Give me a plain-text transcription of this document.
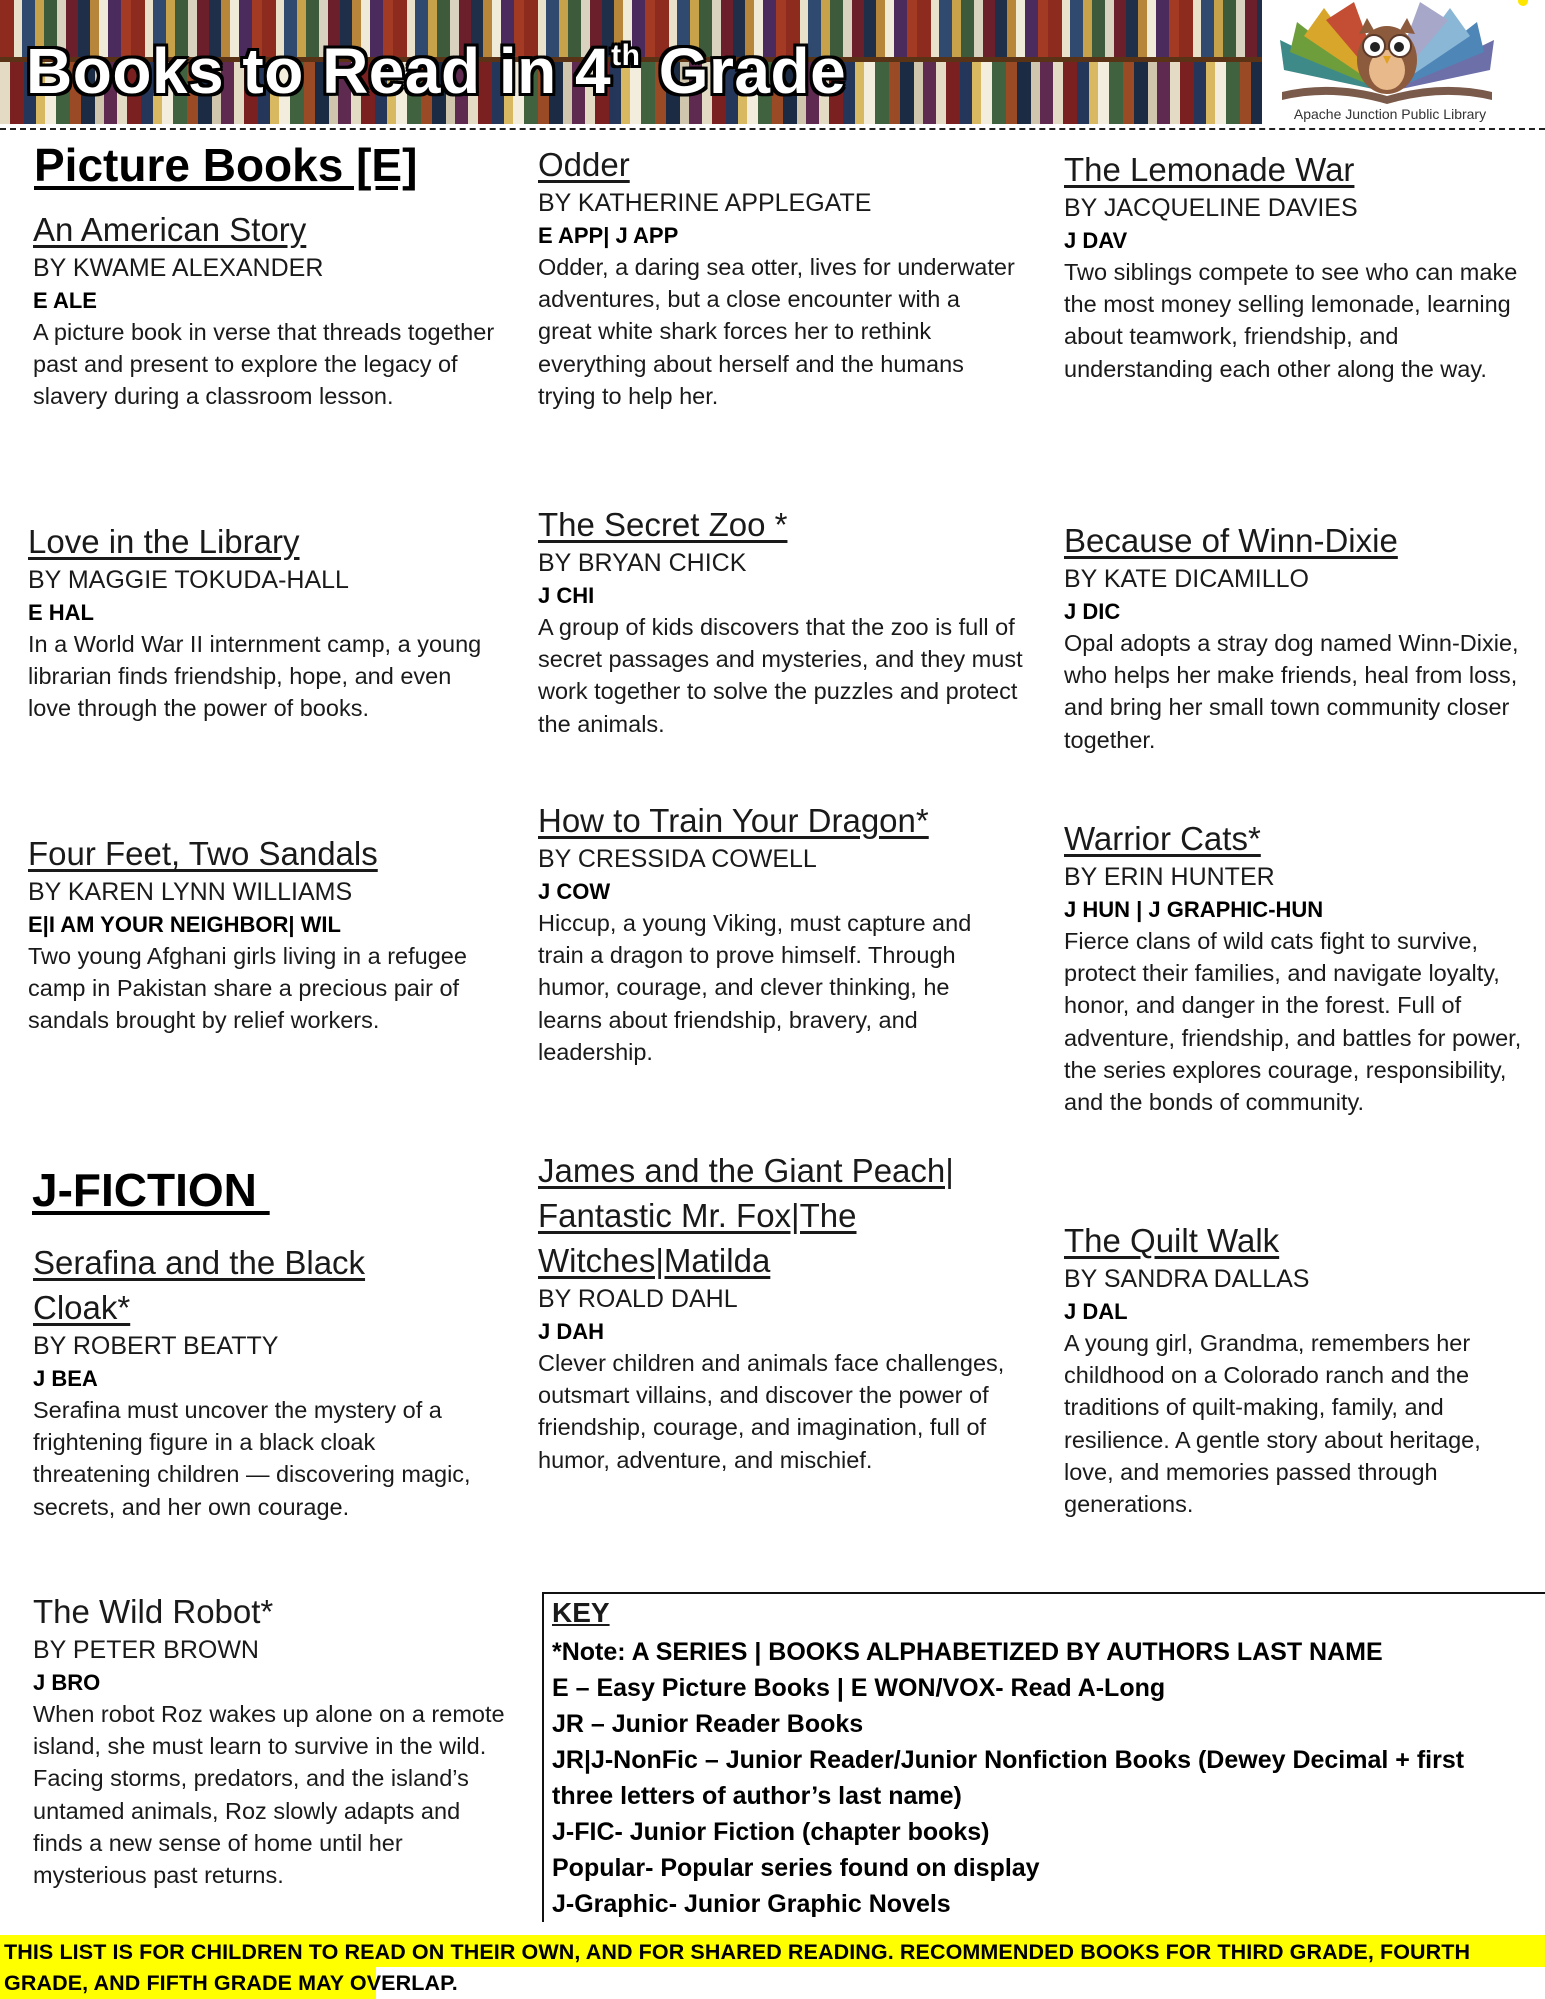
Books to Read in 4th Grade
Apache Junction Public Library
Picture Books [E]
J-FICTION
An American Story
BY KWAME ALEXANDER
E ALE
A picture book in verse that threads together past and present to explore the legacy of slavery during a classroom lesson.
Love in the Library
BY MAGGIE TOKUDA-HALL
E HAL
In a World War II internment camp, a young librarian finds friendship, hope, and even love through the power of books.
Four Feet, Two Sandals
BY KAREN LYNN WILLIAMS
E|I AM YOUR NEIGHBOR| WIL
Two young Afghani girls living in a refugee camp in Pakistan share a precious pair of sandals brought by relief workers.
Serafina and the Black Cloak*
BY ROBERT BEATTY
J BEA
Serafina must uncover the mystery of a frightening figure in a black cloak threatening children — discovering magic, secrets, and her own courage.
The Wild Robot*
BY PETER BROWN
J BRO
When robot Roz wakes up alone on a remote island, she must learn to survive in the wild. Facing storms, predators, and the island’s untamed animals, Roz slowly adapts and finds a new sense of home until her mysterious past returns.
Odder
BY KATHERINE APPLEGATE
E APP| J APP
Odder, a daring sea otter, lives for underwater adventures, but a close encounter with a great white shark forces her to rethink everything about herself and the humans trying to help her.
The Secret Zoo *
BY BRYAN CHICK
J CHI
A group of kids discovers that the zoo is full of secret passages and mysteries, and they must work together to solve the puzzles and protect the animals.
How to Train Your Dragon*
BY CRESSIDA COWELL
J COW
Hiccup, a young Viking, must capture and train a dragon to prove himself. Through humor, courage, and clever thinking, he learns about friendship, bravery, and leadership.
James and the Giant Peach| Fantastic Mr. Fox|The Witches|Matilda
BY ROALD DAHL
J DAH
Clever children and animals face challenges, outsmart villains, and discover the power of friendship, courage, and imagination, full of humor, adventure, and mischief.
The Lemonade War
BY JACQUELINE DAVIES
J DAV
Two siblings compete to see who can make the most money selling lemonade, learning about teamwork, friendship, and understanding each other along the way.
Because of Winn-Dixie
BY KATE DICAMILLO
J DIC
Opal adopts a stray dog named Winn-Dixie, who helps her make friends, heal from loss, and bring her small town community closer together.
Warrior Cats*
BY ERIN HUNTER
J HUN | J GRAPHIC-HUN
Fierce clans of wild cats fight to survive, protect their families, and navigate loyalty, honor, and danger in the forest. Full of adventure, friendship, and battles for power, the series explores courage, responsibility, and the bonds of community.
The Quilt Walk
BY SANDRA DALLAS
J DAL
A young girl, Grandma, remembers her childhood on a Colorado ranch and the traditions of quilt-making, family, and resilience. A gentle story about heritage, love, and memories passed through generations.
KEY
*Note: A SERIES | BOOKS ALPHABETIZED BY AUTHORS LAST NAME
E – Easy Picture Books | E WON/VOX- Read A-Long
JR – Junior Reader Books
JR|J-NonFic – Junior Reader/Junior Nonfiction Books (Dewey Decimal + first three letters of author’s last name)
J-FIC- Junior Fiction (chapter books)
Popular- Popular series found on display
J-Graphic- Junior Graphic Novels
THIS LIST IS FOR CHILDREN TO READ ON THEIR OWN, AND FOR SHARED READING. RECOMMENDED BOOKS FOR THIRD GRADE, FOURTH GRADE, AND FIFTH GRADE MAY OVERLAP.
